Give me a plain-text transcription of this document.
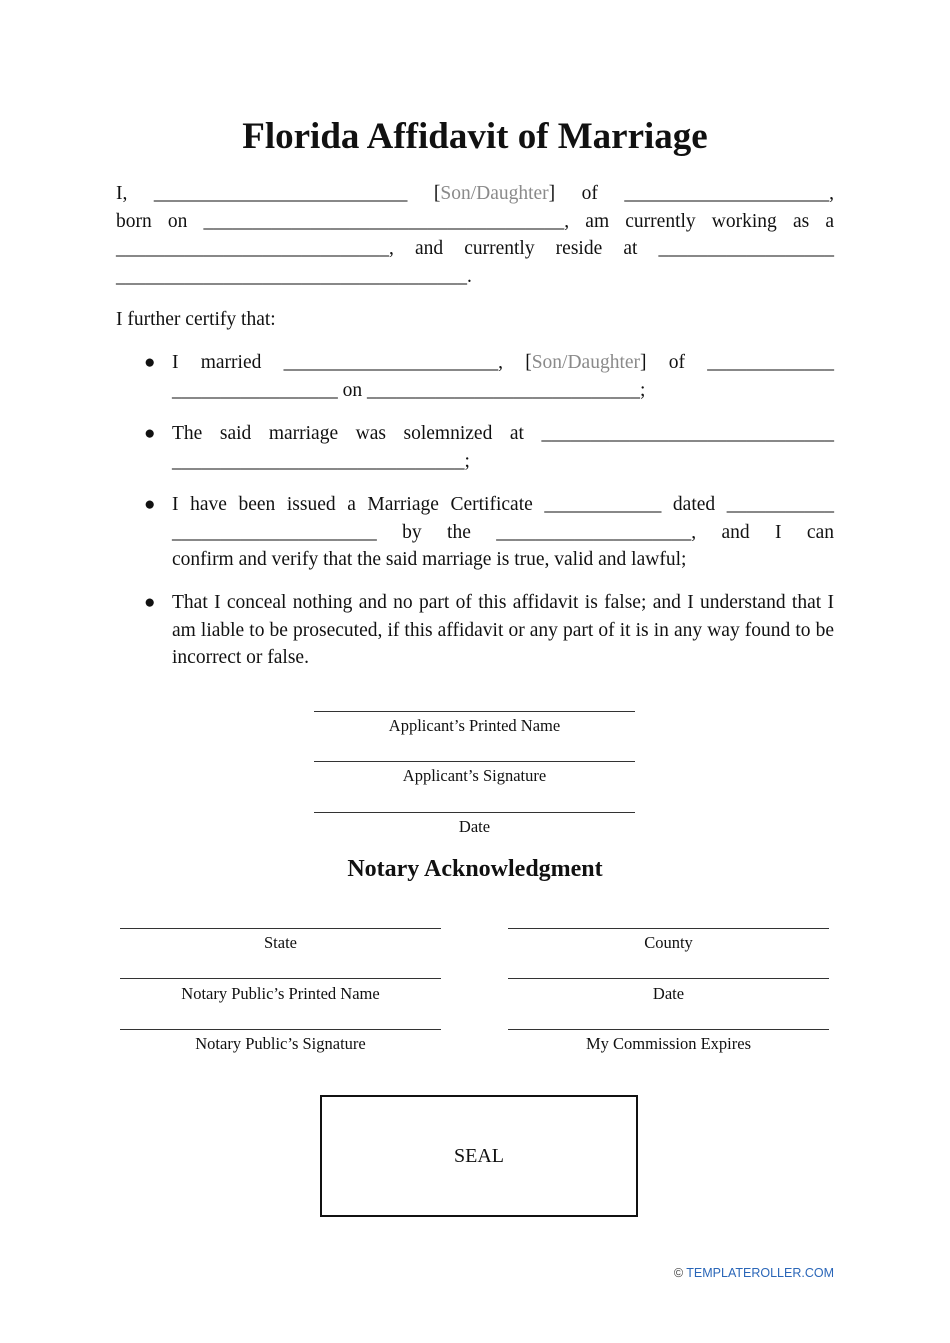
Florida Affidavit of Marriage
I, __________________________ [Son/Daughter] of _____________________,
born on _____________________________________, am currently working as a
____________________________, and currently reside at __________________
____________________________________.
I further certify that:
● I married ______________________, [Son/Daughter] of _____________
_________________ on ____________________________;
● The said marriage was solemnized at ______________________________
______________________________;
● I have been issued a Marriage Certificate ____________ dated ___________
_____________________ by the ____________________, and I can
confirm and verify that the said marriage is true, valid and lawful;
● That I conceal nothing and no part of this affidavit is false; and I understand that I am liable to be prosecuted, if this affidavit or any part of it is in any way found to be incorrect or false.
Applicant’s Printed Name
Applicant’s Signature
Date
Notary Acknowledgment
State
Notary Public’s Printed Name
Notary Public’s Signature
County
Date
My Commission Expires
SEAL
© TEMPLATEROLLER.COM
